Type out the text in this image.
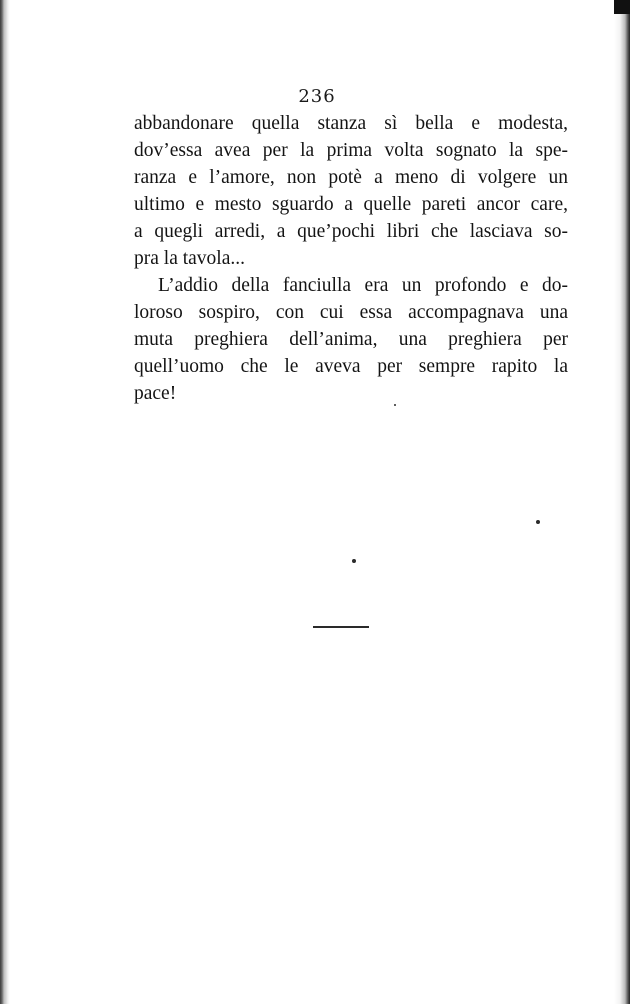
236
abbandonare quella stanza sì bella e modesta,
dov’essa avea per la prima volta sognato la spe-
ranza e l’amore, non potè a meno di volgere un
ultimo e mesto sguardo a quelle pareti ancor care,
a quegli arredi, a que’pochi libri che lasciava so-
pra la tavola...
L’addio della fanciulla era un profondo e do-
loroso sospiro, con cui essa accompagnava una
muta preghiera dell’anima, una preghiera per
quell’uomo che le aveva per sempre rapito la
pace!
